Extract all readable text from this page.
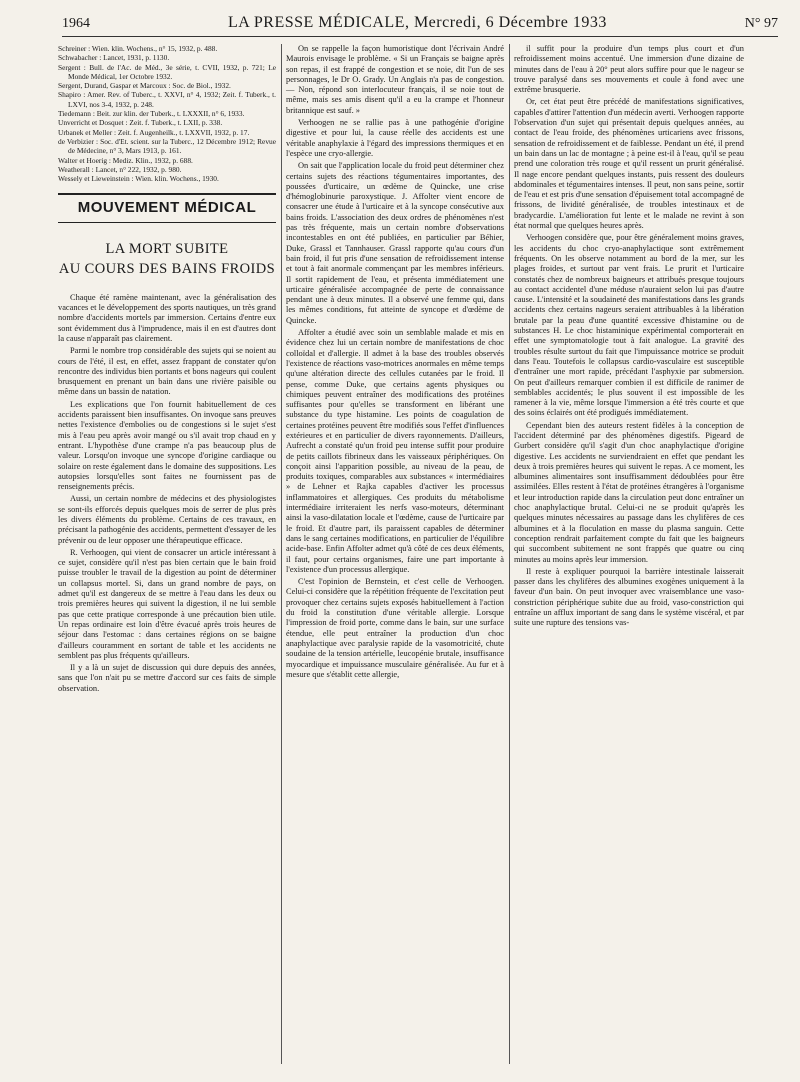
1964	LA PRESSE MÉDICALE, Mercredi, 6 Décembre 1933	N° 97
Schreiner : Wien. klin. Wochens., n° 15, 1932, p. 488.
Schwabacher : Lancet, 1931, p. 1130.
Sergent : Bull. de l'Ac. de Méd., 3e série, t. CVII, 1932, p. 721; Le Monde Médical, 1er Octobre 1932.
Sergent, Durand, Gaspar et Marcoux : Soc. de Biol., 1932.
Shapiro : Amer. Rev. of Tuberc., t. XXVI, n° 4, 1932; Zeit. f. Tuberk., t. LXVI, nos 3-4, 1932, p. 248.
Tiedemann : Beit. zur klin. der Tuberk., t. LXXXII, n° 6, 1933.
Unverricht et Dosquet : Zeit. f. Tuberk., t. LXII, p. 338.
Urbanek et Meller : Zeit. f. Augenheilk., t. LXXVII, 1932, p. 17.
de Verbizier : Soc. d'Et. scient. sur la Tuberc., 12 Décembre 1912; Revue de Médecine, n° 3, Mars 1913, p. 161.
Walter et Hoerig : Mediz. Klin., 1932, p. 688.
Weatherall : Lancet, n° 222, 1932, p. 980.
Wessely et Lieweinstein : Wien. klin. Wochens., 1930.
MOUVEMENT MÉDICAL
LA MORT SUBITE
AU COURS DES BAINS FROIDS

Chaque été ramène maintenant, avec la généralisation des vacances et le développement des sports nautiques, un très grand nombre d'accidents mortels par immersion. Certains d'entre eux sont évidemment dus à l'imprudence, mais il en est d'autres dont la cause n'apparaît pas clairement.

Parmi le nombre trop considérable des sujets qui se noient au cours de l'été, il est, en effet, assez frappant de constater qu'on rencontre des individus bien portants et bons nageurs qui coulent brusquement en prenant un bain dans une rivière paisible ou même dans un bassin de natation.

Les explications que l'on fournit habituellement de ces accidents paraissent bien insuffisantes. On invoque sans preuves nettes l'existence d'embolies ou de congestions si le sujet s'est mis à l'eau peu après avoir mangé ou s'il avait trop chaud en y entrant. L'hypothèse d'une crampe n'a pas beaucoup plus de valeur. Lorsqu'on invoque une syncope d'origine cardiaque ou solaire on reste également dans le domaine des suppositions. Les autopsies lorsqu'elles sont faites ne fournissent pas de renseignements précis.

Aussi, un certain nombre de médecins et des physiologistes se sont-ils efforcés depuis quelques mois de serrer de plus près les divers éléments du problème. Certains de ces travaux, en précisant la pathogénie des accidents, permettent d'essayer de les prévenir ou de leur opposer une thérapeutique efficace.

R. Verhoogen, qui vient de consacrer un article intéressant à ce sujet, considère qu'il n'est pas bien certain que le bain froid puisse troubler le travail de la digestion au point de déterminer un collapsus mortel. Si, dans un grand nombre de pays, on admet qu'il est dangereux de se mettre à l'eau dans les deux ou trois premières heures qui suivent la digestion, il ne lui semble pas que cette pratique corresponde à une précaution bien utile. Un repas ordinaire est loin d'être évacué après trois heures de séjour dans l'estomac : dans certaines régions on se baigne d'ailleurs couramment en sortant de table et les accidents ne semblent pas plus fréquents qu'ailleurs.

Il y a là un sujet de discussion qui dure depuis des années, sans que l'on n'ait pu se mettre d'accord sur ces faits de simple observation.

On se rappelle la façon humoristique dont l'écrivain André Maurois envisage le problème. « Si un Français se baigne après son repas, il est frappé de congestion et se noie, dit l'un de ses personnages, le Dr O. Grady. Un Anglais n'a pas de congestion. — Non, répond son interlocuteur français, il se noie tout de même, mais ses amis disent qu'il a eu la crampe et l'honneur britannique est sauf. »

Verhoogen ne se rallie pas à une pathogénie d'origine digestive et pour lui, la cause réelle des accidents est une véritable anaphylaxie à l'égard des impressions thermiques et en l'espèce une cryo-allergie.

On sait que l'application locale du froid peut déterminer chez certains sujets des réactions tégumentaires importantes, des poussées d'urticaire, un œdème de Quincke, une crise d'hémoglobinurie paroxystique. J. Affolter vient encore de consacrer une étude à l'urticaire et à la syncope consécutive aux bains froids. L'association des deux ordres de phénomènes n'est pas très fréquente, mais un certain nombre d'observations incontestables en ont été publiées, en particulier par Béhier, Duke, Grassl et Tannhauser. Grassl rapporte qu'au cours d'un bain froid, il fut pris d'une sensation de refroidissement intense et tout à fait anormale commençant par les membres inférieurs. Il sortit rapidement de l'eau, et présenta immédiatement une urticaire généralisée accompagnée de perte de connaissance pendant une à deux minutes. Il a observé une femme qui, dans les mêmes conditions, fut atteinte de syncope et d'œdème de Quincke.

Affolter a étudié avec soin un semblable malade et mis en évidence chez lui un certain nombre de manifestations de choc colloïdal et d'allergie. Il admet à la base des troubles observés l'existence de réactions vaso-motrices anormales en même temps qu'une altération directe des cellules cutanées par le froid. Il pense, comme Duke, que certains agents physiques ou chimiques peuvent entraîner des modifications des protéines suffisantes pour qu'elles se transforment en libérant une substance du type histamine. Les points de coagulation de certaines protéines peuvent être modifiés sous l'effet d'influences extérieures et en particulier de divers rayonnements. D'ailleurs, Aufrecht a constaté qu'un froid peu intense suffit pour produire de petits caillots fibrineux dans les vaisseaux périphériques. On conçoit ainsi l'apparition possible, au niveau de la peau, de produits toxiques, comparables aux substances « intermédiaires » de Lehner et Rajka capables d'activer les processus inflammatoires et allergiques. Ces produits du métabolisme intermédiaire irriteraient les nerfs vaso-moteurs, déterminant ainsi la vaso-dilatation locale et l'œdème, cause de l'urticaire par le froid. Et d'autre part, ils paraissent capables de déterminer dans le sang certaines modifications, en particulier de l'équilibre acide-base. Enfin Affolter admet qu'à côté de ces deux éléments, il faut, pour certains organismes, faire une part importante à l'existence d'un processus allergique.

C'est l'opinion de Bernstein, et c'est celle de Verhoogen. Celui-ci considère que la répétition fréquente de l'excitation peut provoquer chez certains sujets exposés habituellement à l'action du froid la constitution d'une véritable allergie. Lorsque l'impression de froid porte, comme dans le bain, sur une surface étendue, elle peut entraîner la production d'un choc anaphylactique avec paralysie rapide de la vasomotricité, chute soudaine de la tension artérielle, leucopénie brutale, insuffisance myocardique et impuissance musculaire généralisée. Au fur et à mesure que s'établit cette allergie,

il suffit pour la produire d'un temps plus court et d'un refroidissement moins accentué. Une immersion d'une dizaine de minutes dans de l'eau à 20° peut alors suffire pour que le nageur se trouve paralysé dans ses mouvements et coule à fond avec une extrême brusquerie.

Or, cet état peut être précédé de manifestations significatives, capables d'attirer l'attention d'un médecin averti. Verhoogen rapporte l'observation d'un sujet qui présentait depuis quelques années, au contact de l'eau froide, des phénomènes urticariens avec frissons, sensation de refroidissement et de faiblesse. Pendant un été, il prend un bain dans un lac de montagne ; à peine est-il à l'eau, qu'il se peau prend une coloration très rouge et qu'il ressent un prurit généralisé. Il nage encore pendant quelques instants, puis ressent des douleurs abdominales et tégumentaires intenses. Il peut, non sans peine, sortir de l'eau et est pris d'une sensation d'épuisement total accompagné de frissons, de lividité généralisée, de troubles intestinaux et de bradycardie. L'amélioration fut lente et le malade ne revint à son état normal que quelques heures après.

Verhoogen considère que, pour être généralement moins graves, les accidents du choc cryo-anaphylactique sont extrêmement fréquents. On les observe notamment au bord de la mer, sur les plages froides, et surtout par vent frais. Le prurit et l'urticaire constatés chez de nombreux baigneurs et attribués presque toujours au contact accidentel d'une méduse n'auraient selon lui pas d'autre cause. L'intensité et la soudaineté des manifestations dans les grands accidents chez certains nageurs seraient attribuables à la libération brutale par la peau d'une quantité excessive d'histamine ou de substances H. Le choc histaminique expérimental comporterait en effet une symptomatologie tout à fait analogue. La gravité des troubles résulte surtout du fait que l'impuissance motrice se produit dans l'eau. Toutefois le collapsus cardio-vasculaire est susceptible d'entraîner une mort rapide, précédant l'asphyxie par submersion. On peut d'ailleurs remarquer combien il est difficile de ranimer de semblables accidentés; le plus souvent il est impossible de les ramener à la vie, même lorsque l'immersion a été très courte et que des soins éclairés ont été prodigués immédiatement.

Cependant bien des auteurs restent fidèles à la conception de l'accident déterminé par des phénomènes digestifs. Pigeard de Gurbert considère qu'il s'agit d'un choc anaphylactique d'origine digestive. Les accidents ne surviendraient en effet que pendant les deux à trois premières heures qui suivent le repas. A ce moment, les albumines alimentaires sont insuffisamment dédoublées pour être assimilées. Elles restent à l'état de protéines étrangères à l'organisme et leur introduction rapide dans la circulation peut donc entraîner un choc anaphylactique brutal. Celui-ci ne se produit qu'après les quelques minutes nécessaires au passage dans les chylifères de ces albumines et à la floculation en masse du plasma sanguin. Cette conception rendrait parfaitement compte du fait que les baigneurs qui succombent subitement ne sont frappés que quatre ou cinq minutes au moins après leur immersion.

Il reste à expliquer pourquoi la barrière intestinale laisserait passer dans les chylifères des albumines exogènes uniquement à la faveur d'un bain. On peut invoquer avec vraisemblance une vaso-constriction périphérique subite due au froid, vaso-constriction qui entraîne un afflux important de sang dans le système viscéral, et par suite une rupture des tensions vas-
